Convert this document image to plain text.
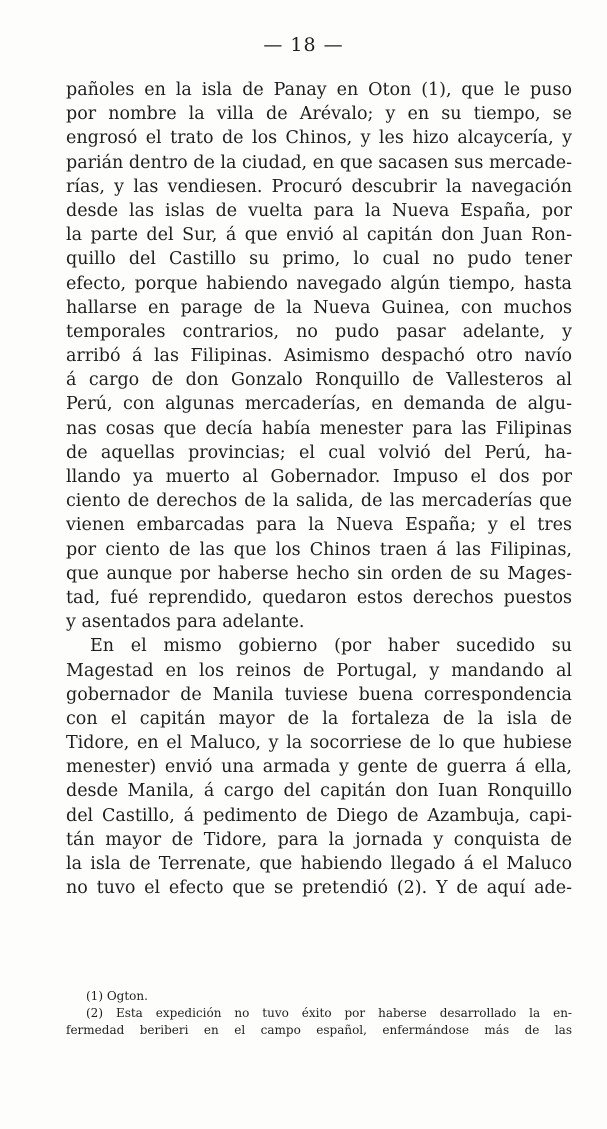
— 18 —
pañoles en la isla de Panay en Oton (1), que le puso
por nombre la villa de Arévalo; y en su tiempo, se
engrosó el trato de los Chinos, y les hizo alcaycería, y
parián dentro de la ciudad, en que sacasen sus mercade-
rías, y las vendiesen. Procuró descubrir la navegación
desde las islas de vuelta para la Nueva España, por
la parte del Sur, á que envió al capitán don Juan Ron-
quillo del Castillo su primo, lo cual no pudo tener
efecto, porque habiendo navegado algún tiempo, hasta
hallarse en parage de la Nueva Guinea, con muchos
temporales contrarios, no pudo pasar adelante, y
arribó á las Filipinas. Asimismo despachó otro navío
á cargo de don Gonzalo Ronquillo de Vallesteros al
Perú, con algunas mercaderías, en demanda de algu-
nas cosas que decía había menester para las Filipinas
de aquellas provincias; el cual volvió del Perú, ha-
llando ya muerto al Gobernador. Impuso el dos por
ciento de derechos de la salida, de las mercaderías que
vienen embarcadas para la Nueva España; y el tres
por ciento de las que los Chinos traen á las Filipinas,
que aunque por haberse hecho sin orden de su Mages-
tad, fué reprendido, quedaron estos derechos puestos
y asentados para adelante.
En el mismo gobierno (por haber sucedido su
Magestad en los reinos de Portugal, y mandando al
gobernador de Manila tuviese buena correspondencia
con el capitán mayor de la fortaleza de la isla de
Tidore, en el Maluco, y la socorriese de lo que hubiese
menester) envió una armada y gente de guerra á ella,
desde Manila, á cargo del capitán don Iuan Ronquillo
del Castillo, á pedimento de Diego de Azambuja, capi-
tán mayor de Tidore, para la jornada y conquista de
la isla de Terrenate, que habiendo llegado á el Maluco
no tuvo el efecto que se pretendió (2). Y de aquí ade-
(1) Ogton.
(2) Esta expedición no tuvo éxito por haberse desarrollado la en-
fermedad beriberi en el campo español, enfermándose más de las
